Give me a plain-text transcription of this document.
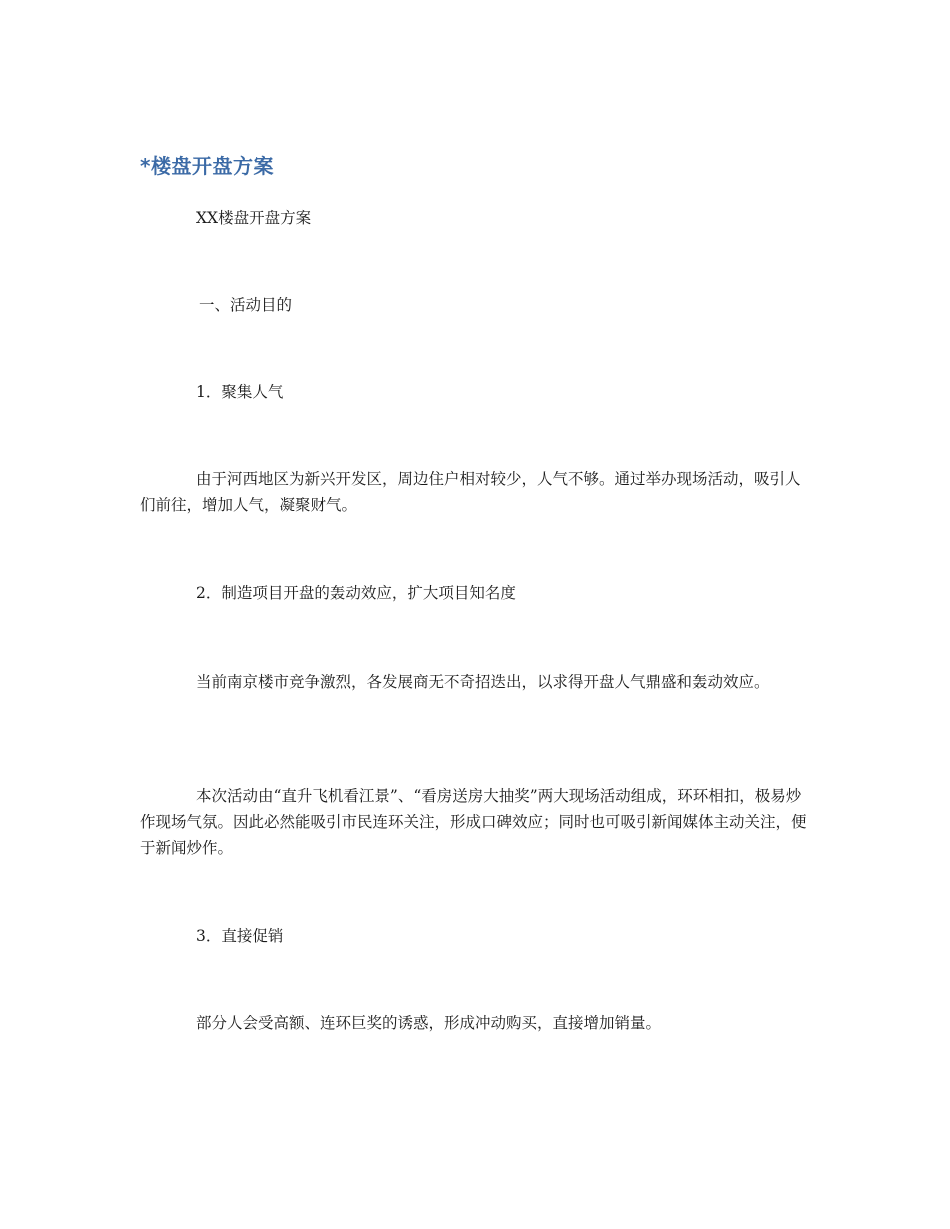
*楼盘开盘方案
XX楼盘开盘方案
一、活动目的
1．聚集人气
由于河西地区为新兴开发区，周边住户相对较少，人气不够。通过举办现场活动，吸引人们前往，增加人气，凝聚财气。
2．制造项目开盘的轰动效应，扩大项目知名度
当前南京楼市竞争激烈，各发展商无不奇招迭出，以求得开盘人气鼎盛和轰动效应。
本次活动由“直升飞机看江景”、“看房送房大抽奖”两大现场活动组成，环环相扣，极易炒作现场气氛。因此必然能吸引市民连环关注，形成口碑效应；同时也可吸引新闻媒体主动关注，便于新闻炒作。
3．直接促销
部分人会受高额、连环巨奖的诱惑，形成冲动购买，直接增加销量。
